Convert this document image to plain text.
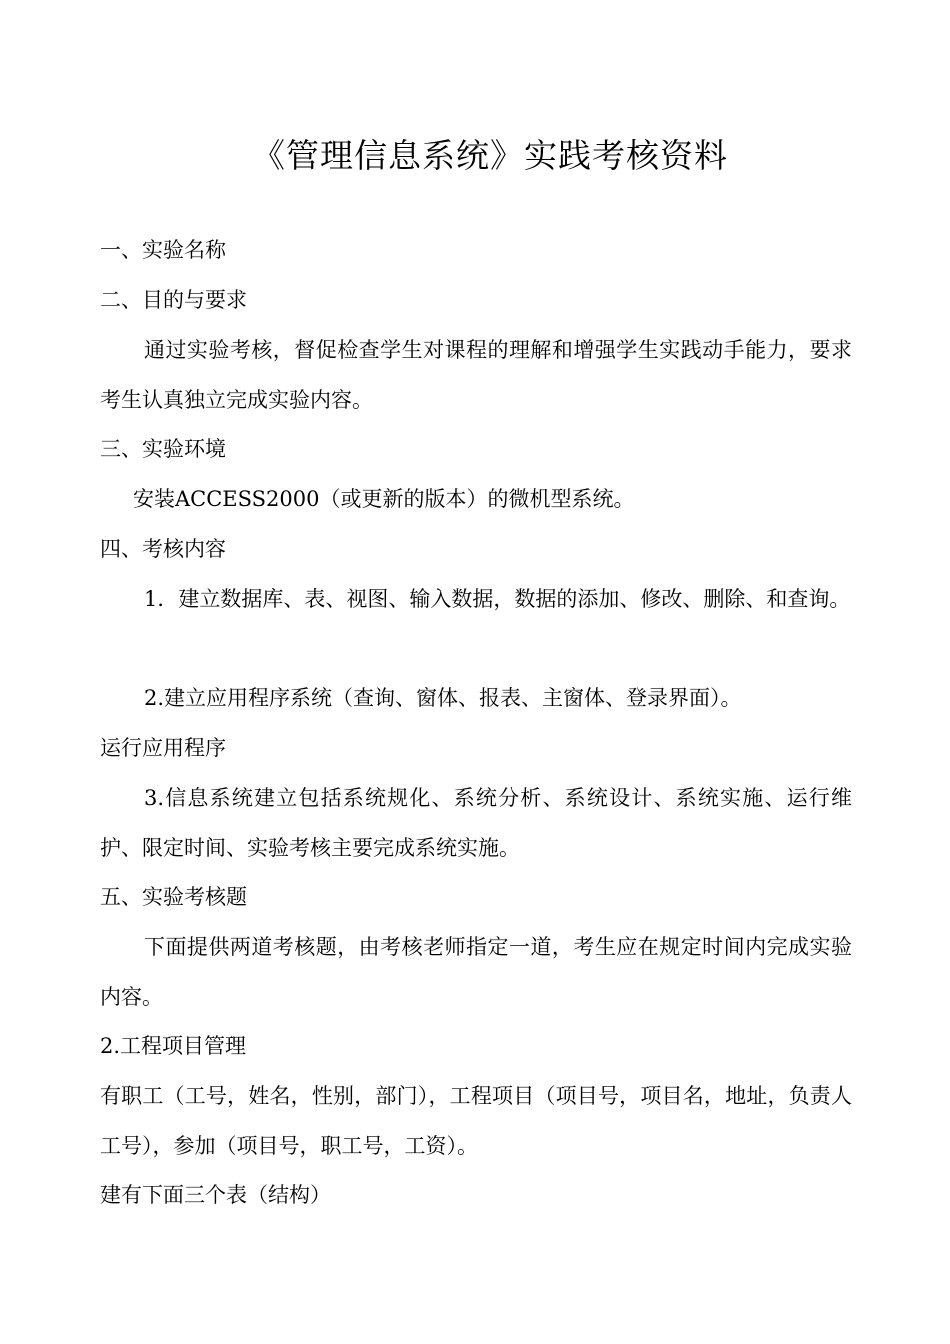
《管理信息系统》实践考核资料
一、实验名称
二、目的与要求
通过实验考核，督促检查学生对课程的理解和增强学生实践动手能力，要求考生认真独立完成实验内容。
三、实验环境
安装ACCESS2000（或更新的版本）的微机型系统。
四、考核内容
1．建立数据库、表、视图、输入数据，数据的添加、修改、删除、和查询。
2.建立应用程序系统（查询、窗体、报表、主窗体、登录界面）。
运行应用程序
3.信息系统建立包括系统规化、系统分析、系统设计、系统实施、运行维护、限定时间、实验考核主要完成系统实施。
五、实验考核题
下面提供两道考核题，由考核老师指定一道，考生应在规定时间内完成实验内容。
2.工程项目管理
有职工（工号，姓名，性别，部门），工程项目（项目号，项目名，地址，负责人工号），参加（项目号，职工号，工资）。
建有下面三个表（结构）
